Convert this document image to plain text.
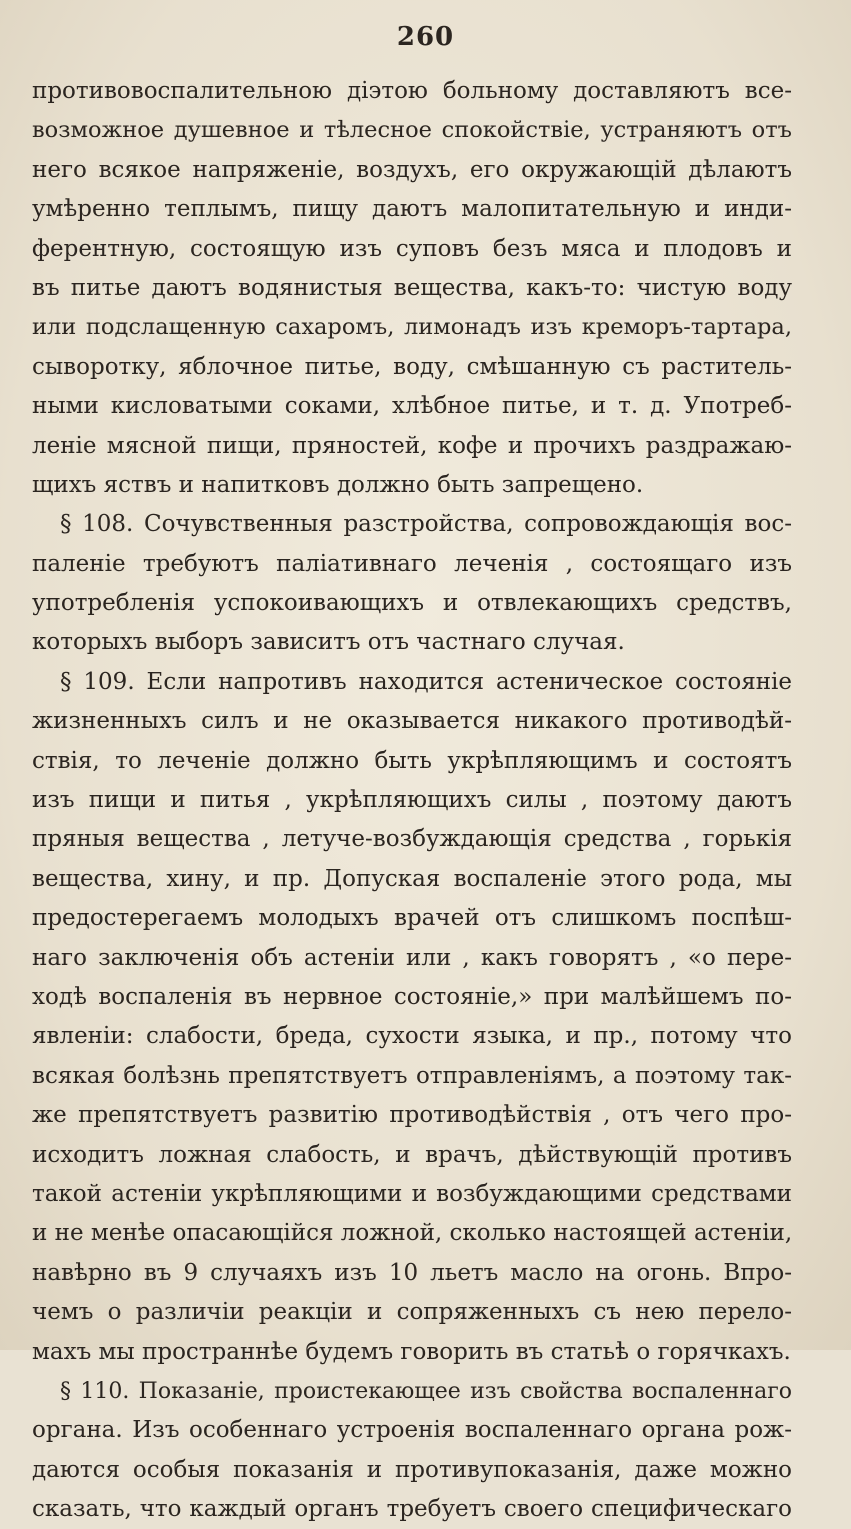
260
противовоспалительною діэтою больному доставляютъ все-
возможное душевное и тѣлесное спокойствіе, устраняютъ отъ
него всякое напряженіе, воздухъ, его окружающій дѣлаютъ
умѣренно теплымъ, пищу даютъ малопитательную и инди-
ферентную, состоящую изъ суповъ безъ мяса и плодовъ и
въ питье даютъ водянистыя вещества, какъ-то: чистую воду
или подслащенную сахаромъ, лимонадъ изъ креморъ-тартара,
сыворотку, яблочное питье, воду, смѣшанную съ раститель-
ными кисловатыми соками, хлѣбное питье, и т. д. Употреб-
леніе мясной пищи, пряностей, кофе и прочихъ раздражаю-
щихъ яствъ и напитковъ должно быть запрещено.
§ 108. Сочувственныя разстройства, сопровождающія вос-
паленіе требуютъ паліативнаго леченія , состоящаго изъ
употребленія успокоивающихъ и отвлекающихъ средствъ,
которыхъ выборъ зависитъ отъ частнаго случая.
§ 109. Если напротивъ находится астеническое состояніе
жизненныхъ силъ и не оказывается никакого противодѣй-
ствія, то леченіе должно быть укрѣпляющимъ и состоятъ
изъ пищи и питья , укрѣпляющихъ силы , поэтому даютъ
пряныя вещества , летуче-возбуждающія средства , горькія
вещества, хину, и пр. Допуская воспаленіе этого рода, мы
предостерегаемъ молодыхъ врачей отъ слишкомъ поспѣш-
наго заключенія объ астеніи или , какъ говорятъ , «о пере-
ходѣ воспаленія въ нервное состояніе,» при малѣйшемъ по-
явленіи: слабости, бреда, сухости языка, и пр., потому что
всякая болѣзнь препятствуетъ отправленіямъ, а поэтому так-
же препятствуетъ развитію противодѣйствія , отъ чего про-
исходитъ ложная слабость, и врачъ, дѣйствующій противъ
такой астеніи укрѣпляющими и возбуждающими средствами
и не менѣе опасающійся ложной, сколько настоящей астеніи,
навѣрно въ 9 случаяхъ изъ 10 льетъ масло на огонь. Впро-
чемъ о различіи реакціи и сопряженныхъ съ нею перело-
махъ мы пространнѣе будемъ говорить въ статьѣ о горячкахъ.
§ 110. Показаніе, проистекающее изъ свойства воспаленнаго
органа. Изъ особеннаго устроенія воспаленнаго органа рож-
даются особыя показанія и противупоказанія, даже можно
сказать, что каждый органъ требуетъ своего специфическаго
